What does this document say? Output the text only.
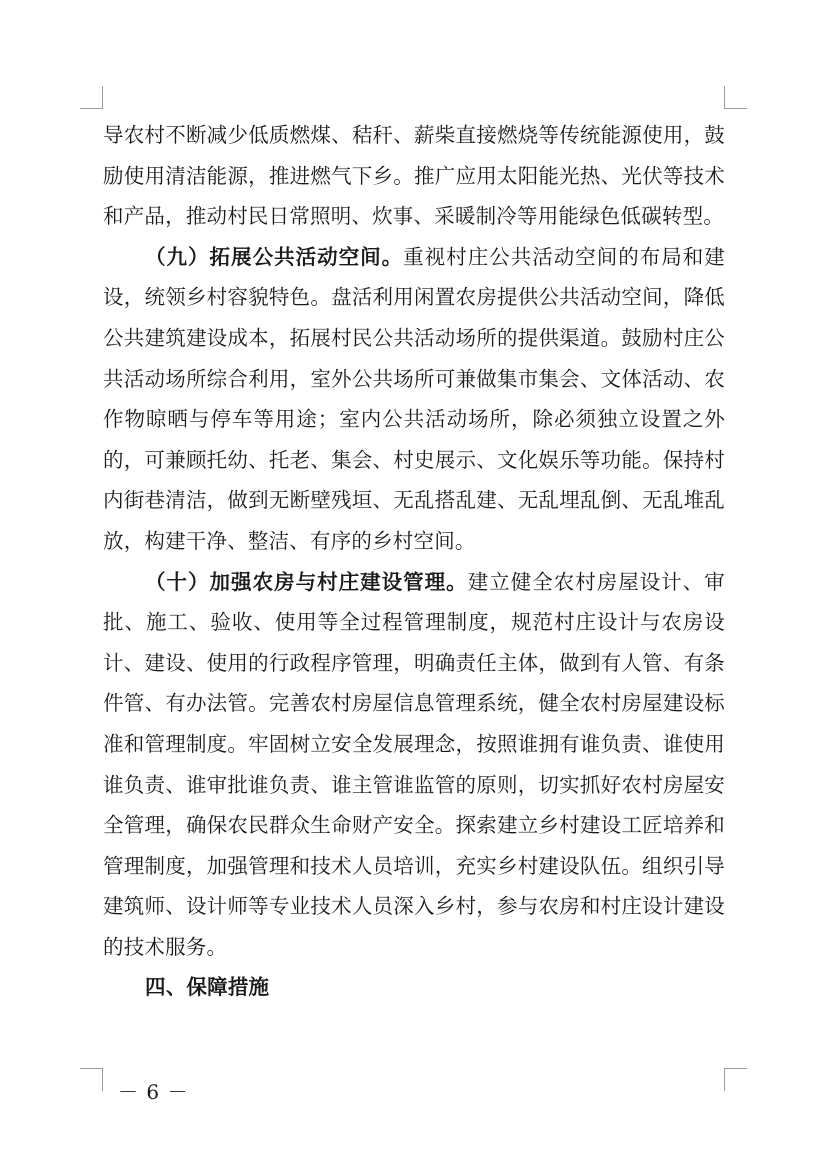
导农村不断减少低质燃煤、秸秆、薪柴直接燃烧等传统能源使用，鼓励使用清洁能源，推进燃气下乡。推广应用太阳能光热、光伏等技术和产品，推动村民日常照明、炊事、采暖制冷等用能绿色低碳转型。

（九）拓展公共活动空间。重视村庄公共活动空间的布局和建设，统领乡村容貌特色。盘活利用闲置农房提供公共活动空间，降低公共建筑建设成本，拓展村民公共活动场所的提供渠道。鼓励村庄公共活动场所综合利用，室外公共场所可兼做集市集会、文体活动、农作物晾晒与停车等用途；室内公共活动场所，除必须独立设置之外的，可兼顾托幼、托老、集会、村史展示、文化娱乐等功能。保持村内街巷清洁，做到无断壁残垣、无乱搭乱建、无乱埋乱倒、无乱堆乱放，构建干净、整洁、有序的乡村空间。

（十）加强农房与村庄建设管理。建立健全农村房屋设计、审批、施工、验收、使用等全过程管理制度，规范村庄设计与农房设计、建设、使用的行政程序管理，明确责任主体，做到有人管、有条件管、有办法管。完善农村房屋信息管理系统，健全农村房屋建设标准和管理制度。牢固树立安全发展理念，按照谁拥有谁负责、谁使用谁负责、谁审批谁负责、谁主管谁监管的原则，切实抓好农村房屋安全管理，确保农民群众生命财产安全。探索建立乡村建设工匠培养和管理制度，加强管理和技术人员培训，充实乡村建设队伍。组织引导建筑师、设计师等专业技术人员深入乡村，参与农房和村庄设计建设的技术服务。

四、保障措施

－ 6 －
